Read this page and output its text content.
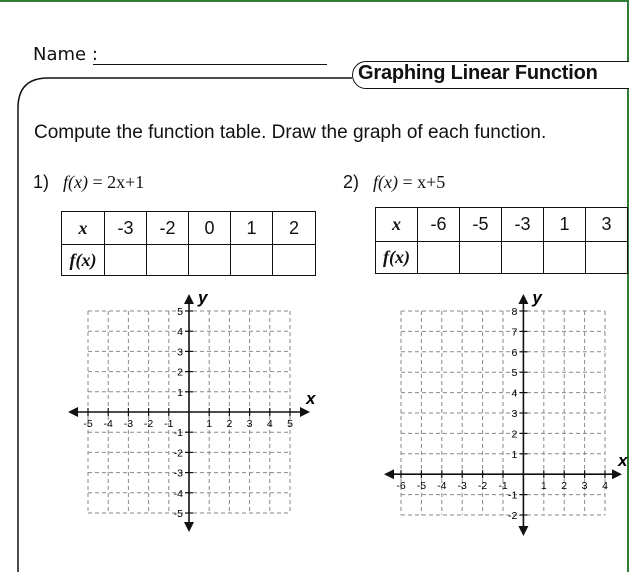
Name :
Graphing Linear Function
Compute the function table. Draw the graph of each function.
1) f(x) = 2x+1
x	-3	-2	0	1	2
f(x)					
x
y
-5 -4 -3 -2 -1	1 2 3 4 5
5
4
3
2
1
-1
-2
-3
-4
-5
2) f(x) = x+5
x	-6	-5	-3	1	3
f(x)					
x
y
-6 -5 -4 -3 -2 -1	1 2 3 4
8
7
6
5
4
3
2
1
-1
-2
